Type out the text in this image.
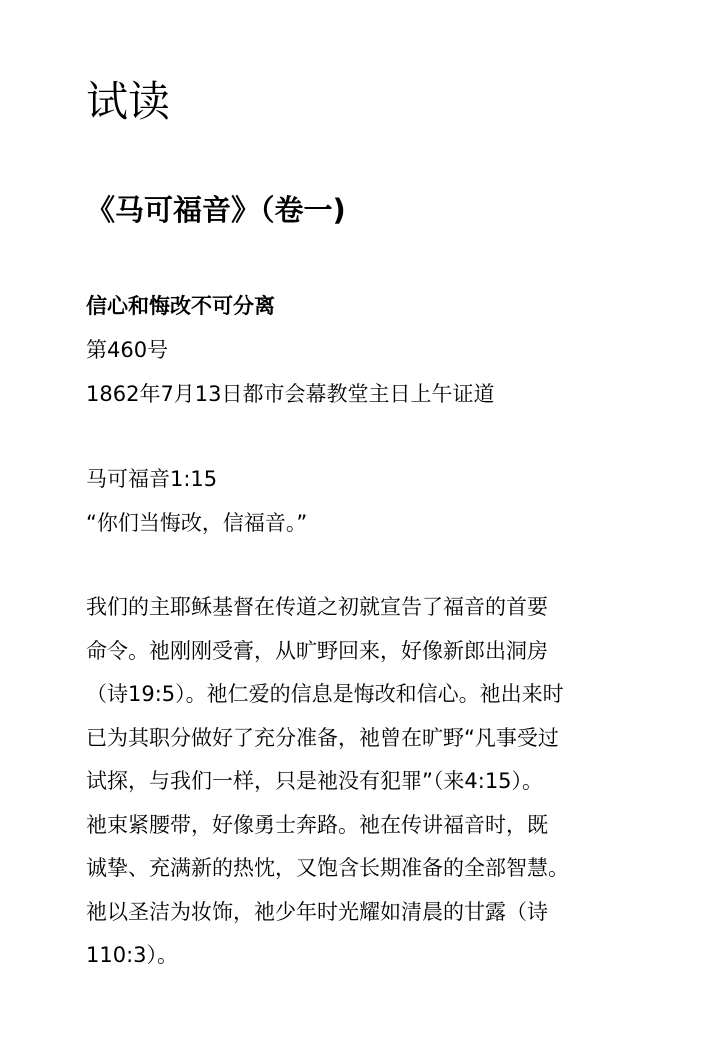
试读
《马可福音》（卷一)
信心和悔改不可分离
第460号
1862年7月13日都市会幕教堂主日上午证道
马可福音1:15
“你们当悔改，信福音。”
我们的主耶稣基督在传道之初就宣告了福音的首要
命令。祂刚刚受膏，从旷野回来，好像新郎出洞房
（诗19:5）。祂仁爱的信息是悔改和信心。祂出来时
已为其职分做好了充分准备，祂曾在旷野“凡事受过
试探，与我们一样，只是祂没有犯罪”（来4:15）。
祂束紧腰带，好像勇士奔路。祂在传讲福音时，既
诚挚、充满新的热忱，又饱含长期准备的全部智慧。
祂以圣洁为妆饰，祂少年时光耀如清晨的甘露（诗
110:3）。
